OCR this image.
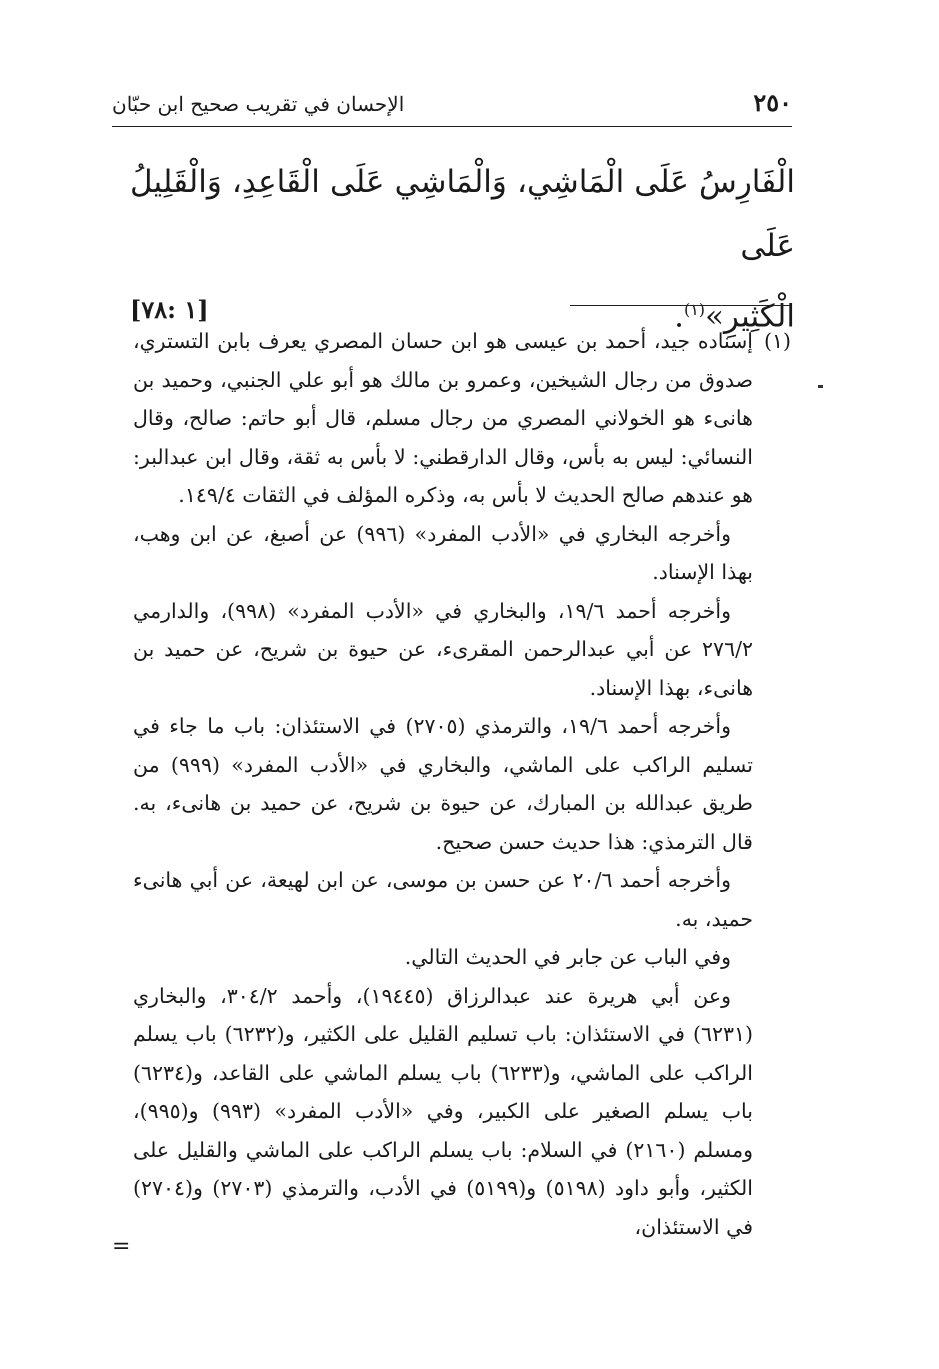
٢٥٠
الإحسان في تقريب صحيح ابن حبّان
الْفَارِسُ عَلَى الْمَاشِي، وَالْمَاشِي عَلَى الْقَاعِدِ، وَالْقَلِيلُ عَلَى
الْكَثِيرِ»$^{(١)}$.
[١ :٧٨]
(١)

إسناده جيد، أحمد بن عيسى هو ابن حسان المصري يعرف بابن التستري، صدوق من رجال الشيخين، وعمرو بن مالك هو أبو علي الجنبي، وحميد بن هانىء هو الخولاني المصري من رجال مسلم، قال أبو حاتم: صالح، وقال النسائي: ليس به بأس، وقال الدارقطني: لا بأس به ثقة، وقال ابن عبدالبر: هو عندهم صالح الحديث لا بأس به، وذكره المؤلف في الثقات ١٤٩/٤.

وأخرجه البخاري في «الأدب المفرد» (٩٩٦) عن أصبغ، عن ابن وهب، بهذا الإسناد.

وأخرجه أحمد ١٩/٦، والبخاري في «الأدب المفرد» (٩٩٨)، والدارمي ٢٧٦/٢ عن أبي عبدالرحمن المقرىء، عن حيوة بن شريح، عن حميد بن هانىء، بهذا الإسناد.

وأخرجه أحمد ١٩/٦، والترمذي (٢٧٠٥) في الاستئذان: باب ما جاء في تسليم الراكب على الماشي، والبخاري في «الأدب المفرد» (٩٩٩) من طريق عبدالله بن المبارك، عن حيوة بن شريح، عن حميد بن هانىء، به. قال الترمذي: هذا حديث حسن صحيح.

وأخرجه أحمد ٢٠/٦ عن حسن بن موسى، عن ابن لهيعة، عن أبي هانىء حميد، به.

وفي الباب عن جابر في الحديث التالي.

وعن أبي هريرة عند عبدالرزاق (١٩٤٤٥)، وأحمد ٣٠٤/٢، والبخاري (٦٢٣١) في الاستئذان: باب تسليم القليل على الكثير، و(٦٢٣٢) باب يسلم الراكب على الماشي، و(٦٢٣٣) باب يسلم الماشي على القاعد، و(٦٢٣٤) باب يسلم الصغير على الكبير، وفي «الأدب المفرد» (٩٩٣) و(٩٩٥)، ومسلم (٢١٦٠) في السلام: باب يسلم الراكب على الماشي والقليل على الكثير، وأبو داود (٥١٩٨) و(٥١٩٩) في الأدب، والترمذي (٢٧٠٣) و(٢٧٠٤) في الاستئذان،

=
